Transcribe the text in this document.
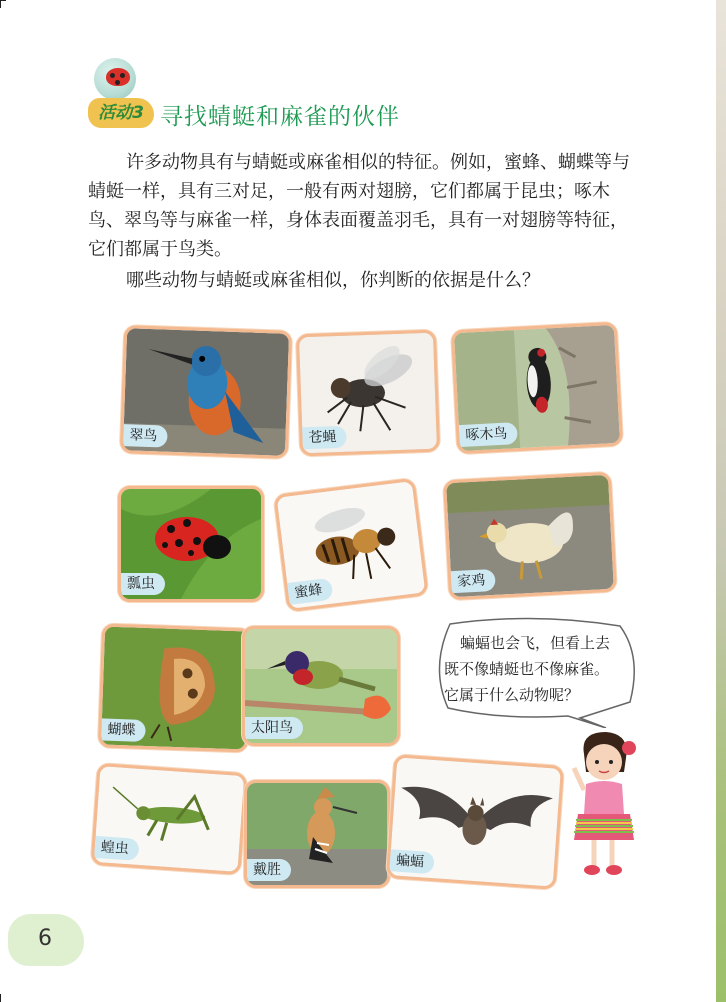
活动3 寻找蜻蜓和麻雀的伙伴

许多动物具有与蜻蜓或麻雀相似的特征。例如，蜜蜂、蝴蝶等与蜻蜓一样，具有三对足，一般有两对翅膀，它们都属于昆虫；啄木鸟、翠鸟等与麻雀一样，身体表面覆盖羽毛，具有一对翅膀等特征，它们都属于鸟类。

哪些动物与蜻蜓或麻雀相似，你判断的依据是什么？

翠鸟	苍蝇	啄木鸟
瓢虫	蜜蜂
家鸡
蝴蝶	太阳鸟
蝗虫
戴胜	蝙蝠
蝙蝠也会飞，但看上去
既不像蜻蜓也不像麻雀。
它属于什么动物呢？
6
